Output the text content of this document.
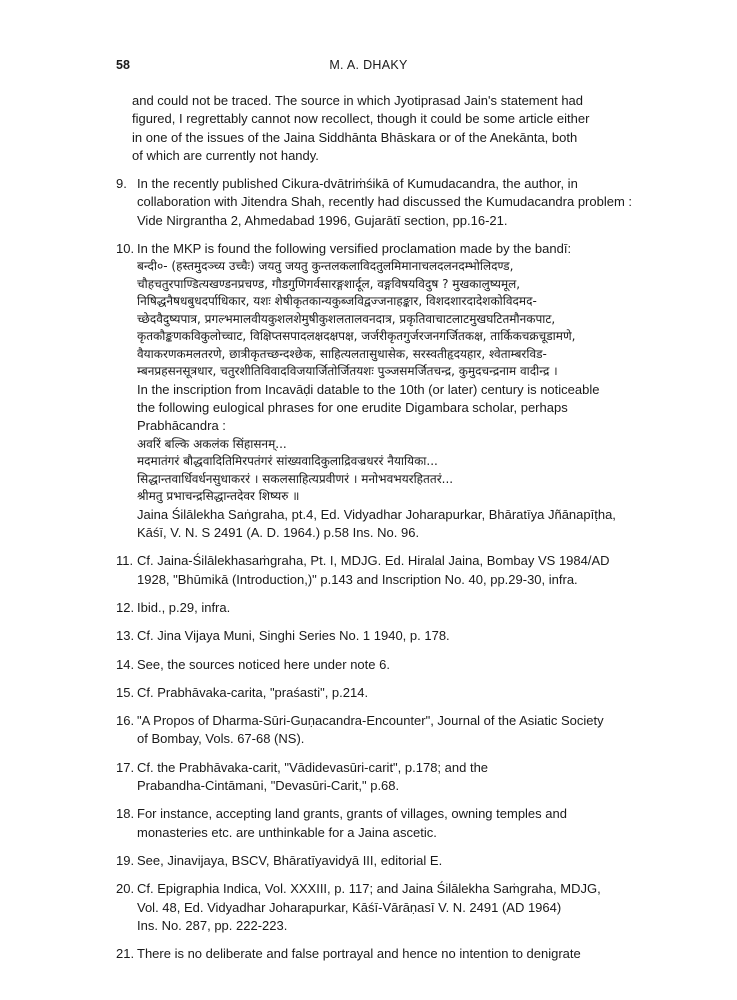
58	M. A. DHAKY

and could not be traced. The source in which Jyotiprasad Jain's statement had

figured, I regrettably cannot now recollect, though it could be some article either

in one of the issues of the Jaina Siddhānta Bhāskara or of the Anekānta, both

of which are currently not handy.

9. In the recently published Cikura-dvātriṁśikā of Kumudacandra, the author, in

collaboration with Jitendra Shah, recently had discussed the Kumudacandra problem :

Vide Nirgrantha 2, Ahmedabad 1996, Gujarātī section, pp.16-21.

10. In the MKP is found the following versified proclamation made by the bandī:

बन्दी०- (हस्तमुदञ्च्य उच्चैः) जयतु जयतु कुन्तलकलाविदतुलमिमानाचलदलनदम्भोलिदण्ड,

चौहचतुरपाण्डित्यखण्डनप्रचण्ड, गौडगुणिगर्वसारङ्गशार्दूल, वङ्गविषयविदुष ? मुखकालुष्यमूल,

निषिद्धनैषधबुधदर्पाधिकार, यशः शेषीकृतकान्यकुब्जविद्वज्जनाहङ्कार, विशदशारदादेशकोविदमद-

च्छेदवैदुष्यपात्र, प्रगल्भमालवीयकुशलशेमुषीकुशलतालवनदात्र, प्रकृतिवाचाटलाटमुखघटितमौनकपाट,

कृतकौङ्कणकविकुलोच्चाट, विक्षिप्तसपादलक्षदक्षपक्ष, जर्जरीकृतगुर्जरजनगर्जितकक्ष, तार्किकचक्रचूडामणे,

वैयाकरणकमलतरणे, छात्रीकृतच्छन्दश्छेक, साहित्यलतासुधासेक, सरस्वतीहृदयहार, श्वेताम्बरविड-

म्बनप्रहसनसूत्रधार, चतुरशीतिविवादविजयार्जितोर्जितयशः पुञ्जसमर्जितचन्द्र, कुमुदचन्द्रनाम वादीन्द्र ।

In the inscription from Incavāḍi datable to the 10th (or later) century is noticeable

the following eulogical phrases for one erudite Digambara scholar, perhaps

Prabhācandra :

अवरिं बल्कि अकलंक सिंहासनम्...

मदमातंगरं बौद्धवादितिमिरपतंगरं सांख्यवादिकुलाद्रिवज्रधररं नैयायिका...

सिद्धान्तवार्धिवर्धनसुधाकररं । सकलसाहित्यप्रवीणरं । मनोभवभयरहिततरं...

श्रीमतु प्रभाचन्द्रसिद्धान्तदेवर शिष्यरु ॥

Jaina Śilālekha Saṅgraha, pt.4, Ed. Vidyadhar Joharapurkar, Bhāratīya Jñānapīṭha,

Kāśī, V. N. S 2491 (A. D. 1964.) p.58 Ins. No. 96.

11. Cf. Jaina-Śilālekhasaṁgraha, Pt. I, MDJG. Ed. Hiralal Jaina, Bombay VS 1984/AD

1928, "Bhūmikā (Introduction,)" p.143 and Inscription No. 40, pp.29-30, infra.

12. Ibid., p.29, infra.

13. Cf. Jina Vijaya Muni, Singhi Series No. 1 1940, p. 178.

14. See, the sources noticed here under note 6.

15. Cf. Prabhāvaka-carita, "praśasti", p.214.

16. "A Propos of Dharma-Sūri-Guṇacandra-Encounter", Journal of the Asiatic Society

of Bombay, Vols. 67-68 (NS).

17. Cf. the Prabhāvaka-carit, "Vādidevasūri-carit", p.178; and the

Prabandha-Cintāmani, "Devasūri-Carit," p.68.

18. For instance, accepting land grants, grants of villages, owning temples and

monasteries etc. are unthinkable for a Jaina ascetic.

19. See, Jinavijaya, BSCV, Bhāratīyavidyā III, editorial E.

20. Cf. Epigraphia Indica, Vol. XXXIII, p. 117; and Jaina Śilālekha Saṁgraha, MDJG,

Vol. 48, Ed. Vidyadhar Joharapurkar, Kāśī-Vārāṇasī V. N. 2491 (AD 1964)

Ins. No. 287, pp. 222-223.

21. There is no deliberate and false portrayal and hence no intention to denigrate
